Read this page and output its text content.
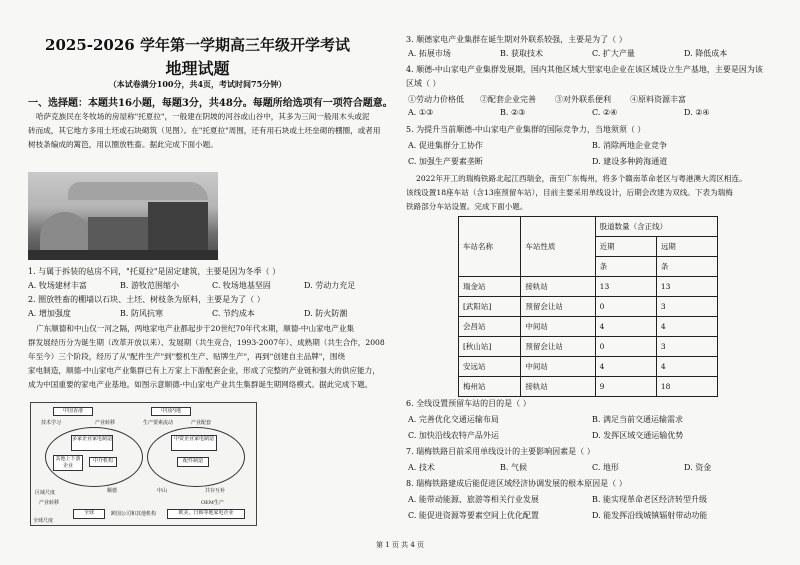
2025-2026 学年第一学期高三年级开学考试
地理试题
（本试卷满分100分，共4页，考试时间75分钟）
一、选择题：本题共16小题，每题3分，共48分。每题所给选项有一项符合题意。
哈萨克族民在冬牧场的房屋称"托夏拉"，一般建在阴坡的河谷或山谷中，其多为三间一般用木头或泥
砖而成，其它地方多用土坯或石块砌筑（见图）。在"托夏拉"周围，还有用石块或土坯垒砌的棚圈，或者用
树枝条编成的篱笆，用以圈放牲畜。据此完成下面小题。
1. 与属于拆装的毡房不同，"托夏拉"是固定建筑，主要是因为冬季（ ）
A. 牧场建材丰富	B. 游牧范围缩小	C. 牧场地基坚固	D. 劳动力充足
2. 圈放牲畜的棚墙以石块、土坯、树枝条为原料，主要是为了（ ）
A. 增加强度	B. 防风抗寒	C. 节约成本	D. 防火防潮
广东顺德和中山仅一河之隔，两地家电产业都起步于20世纪70年代末期，顺德-中山家电产业集
群发展经历分为诞生期（改革开放以来）、发展期（共生竞合，1993-2007年）、成熟期（共生合作，2008
年至今）三个阶段，经历了从"配件生产"到"整机生产、贴牌生产"，再到"创建自主品牌"，围绕
家电制造，顺德-中山家电产业集群已有上万家上下游配套企业，形成了完整的产业链和强大的供应能力，
成为中国重要的家电产业基地。如图示意顺德-中山家电产业共生集群诞生期网络模式。据此完成下题。
中国香港	中国内地
技术学习	产业转移	生产要素流动	产业配套
多家企业家电制造
其他上下游企业
中介机构
中资企业家电制造
配件制造
区域尺度	顺德	中山	共存互补
产业转移	OEM生产
全球	跨国公司和其他机构	欧美、日韩等地家电企业
全球尺度
3. 顺德家电产业集群在诞生期对外联系较强，主要是为了（ ）
A. 拓展市场	B. 获取技术	C. 扩大产量	D. 降低成本
4. 顺德-中山家电产业集群发展期，国内其他区域大型家电企业在该区域设立生产基地，主要是因为该
区域（ ）
①劳动力价格低 ②配套企业完善 ③对外联系便利 ④原料资源丰富
A. ①③	B. ②③	C. ②④	D. ②④
5. 为提升当前顺德-中山家电产业集群的国际竞争力，当地须须（ ）
A. 促进集群分工协作	B. 消除两地企业竞争
C. 加强生产要素垄断	D. 建设多种跨海通道
2022年开工的瑞梅铁路北起江西瑞金，南至广东梅州，将多个赣南革命老区与粤港澳大湾区相连。
该线设置18座车站（含13座预留车站），目前主要采用单线设计，后期会改建为双线。下表为瑞梅
铁路部分车站设置。完成下面小题。
车站名称	车站性质	股道数量（含正线）	
		近期	远期
		条	条
瑞金站	接轨站	13	13
[武阳站]	预留会让站	0	3
会昌站	中间站	4	4
[秋山站]	预留会让站	0	3
安远站	中间站	4	4
梅州站	接轨站	9	18
6. 全线设置预留车站的目的是（ ）
A. 完善优化交通运输布局	B. 满足当前交通运输需求
C. 加快沿线农特产品外运	D. 发挥区域交通运输优势
7. 瑞梅铁路目前采用单线设计的主要影响因素是（ ）
A. 技术	B. 气候	C. 地形	D. 资金
8. 瑞梅铁路建成后能促进区域经济协调发展的根本原因是（ ）
A. 能带动能源、旅游等相关行业发展	B. 能实现革命老区经济转型升级
C. 能促进资源等要素空间上优化配置	D. 能发挥沿线城镇辐射带动功能
第 1 页 共 4 页
